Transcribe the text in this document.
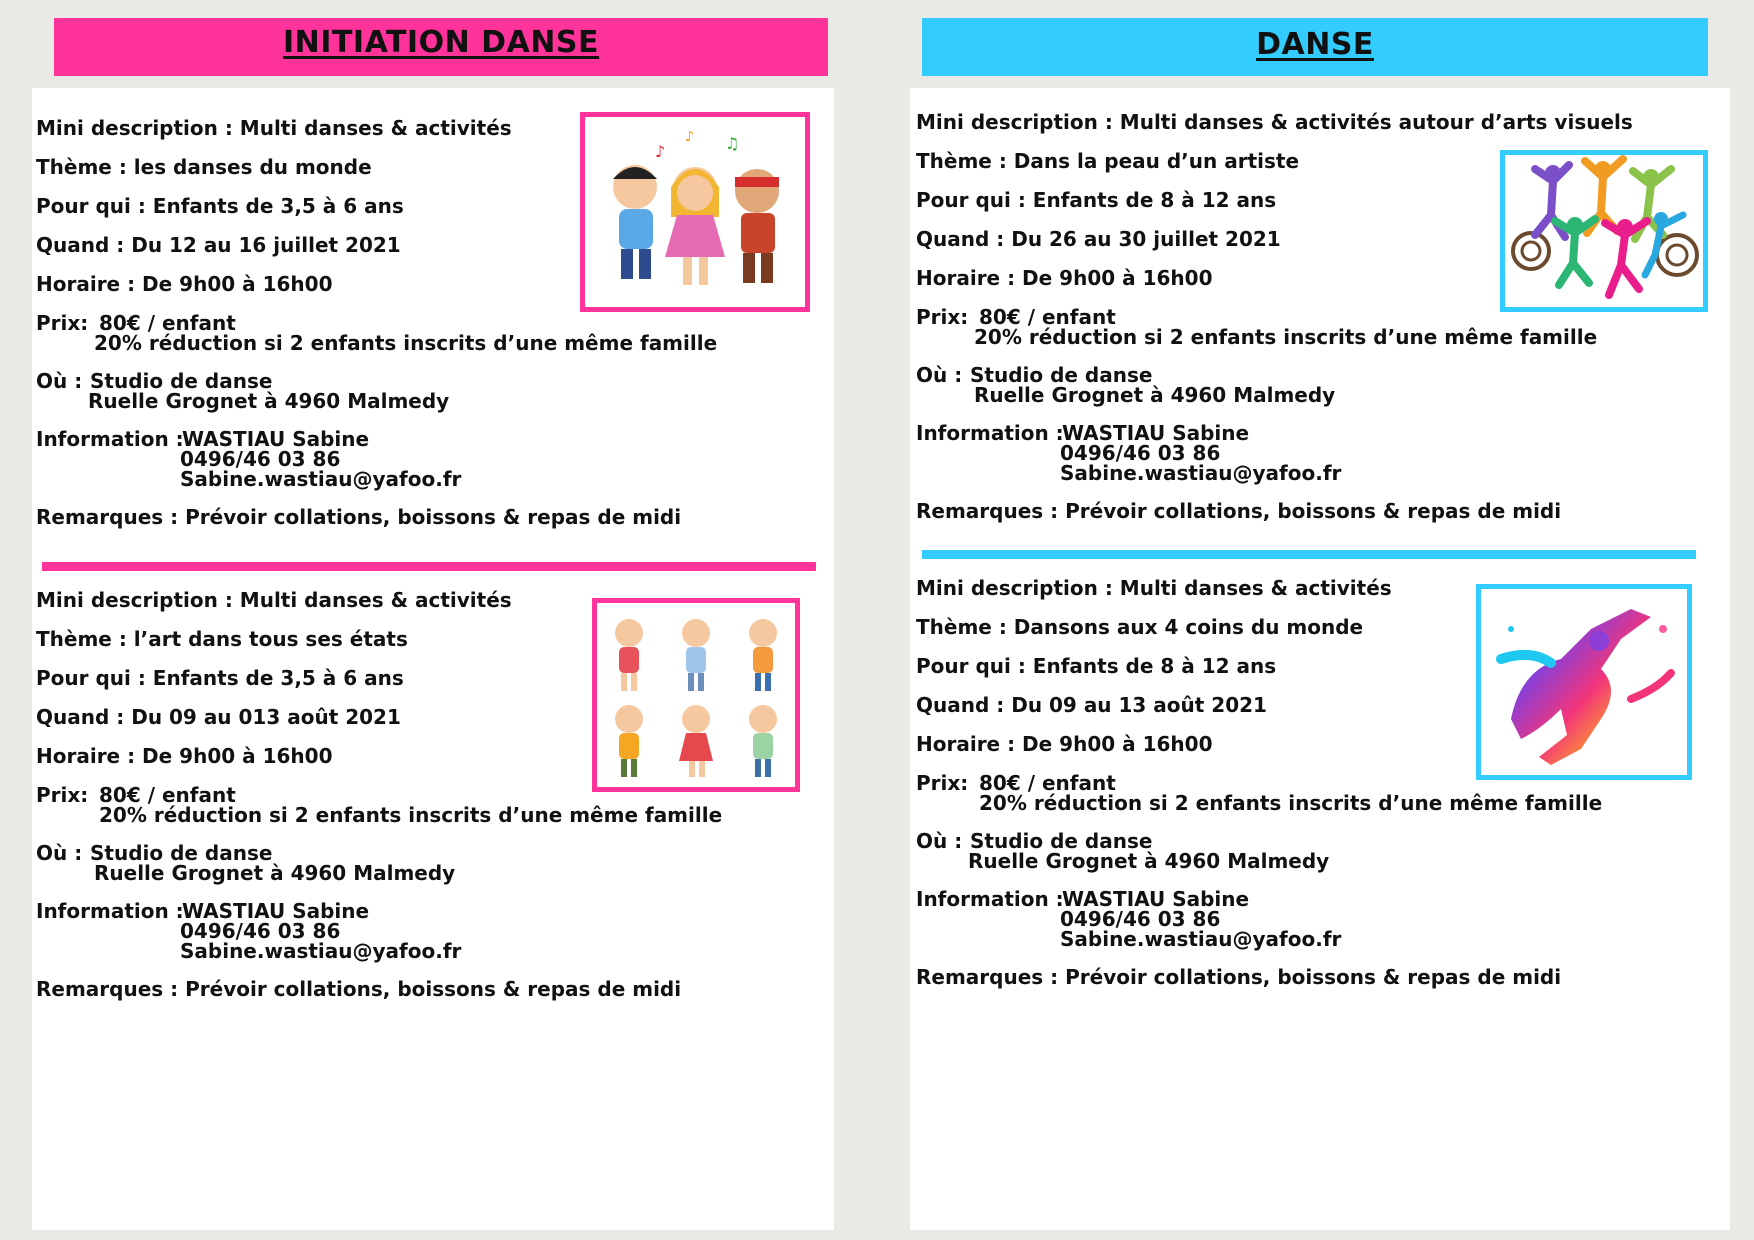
INITIATION DANSE
Mini description : Multi danses & activités
Thème : les danses du monde
Pour qui : Enfants de 3,5 à 6 ans
Quand : Du 12 au 16 juillet 2021
Horaire : De 9h00 à 16h00
Prix: 80€ / enfant
20% réduction si 2 enfants inscrits d’une même famille
Où : Studio de danse
Ruelle Grognet à 4960 Malmedy
Information :
WASTIAU Sabine
0496/46 03 86
Sabine.wastiau@yafoo.fr
Remarques : Prévoir collations, boissons & repas de midi
♪	♫
♪
Mini description : Multi danses & activités
Thème : l’art dans tous ses états
Pour qui : Enfants de 3,5 à 6 ans
Quand : Du 09 au 013 août 2021
Horaire : De 9h00 à 16h00
Prix: 80€ / enfant
20% réduction si 2 enfants inscrits d’une même famille
Où : Studio de danse
Ruelle Grognet à 4960 Malmedy
Information :
WASTIAU Sabine
0496/46 03 86
Sabine.wastiau@yafoo.fr
Remarques : Prévoir collations, boissons & repas de midi
DANSE
Mini description : Multi danses & activités autour d’arts visuels
Thème : Dans la peau d’un artiste
Pour qui : Enfants de 8 à 12 ans
Quand : Du 26 au 30 juillet 2021
Horaire : De 9h00 à 16h00
Prix: 80€ / enfant
20% réduction si 2 enfants inscrits d’une même famille
Où : Studio de danse
Ruelle Grognet à 4960 Malmedy
Information :
WASTIAU Sabine
0496/46 03 86
Sabine.wastiau@yafoo.fr
Remarques : Prévoir collations, boissons & repas de midi
Mini description : Multi danses & activités
Thème : Dansons aux 4 coins du monde
Pour qui : Enfants de 8 à 12 ans
Quand : Du 09 au 13 août 2021
Horaire : De 9h00 à 16h00
Prix: 80€ / enfant
20% réduction si 2 enfants inscrits d’une même famille
Où : Studio de danse
Ruelle Grognet à 4960 Malmedy
Information :
WASTIAU Sabine
0496/46 03 86
Sabine.wastiau@yafoo.fr
Remarques : Prévoir collations, boissons & repas de midi
